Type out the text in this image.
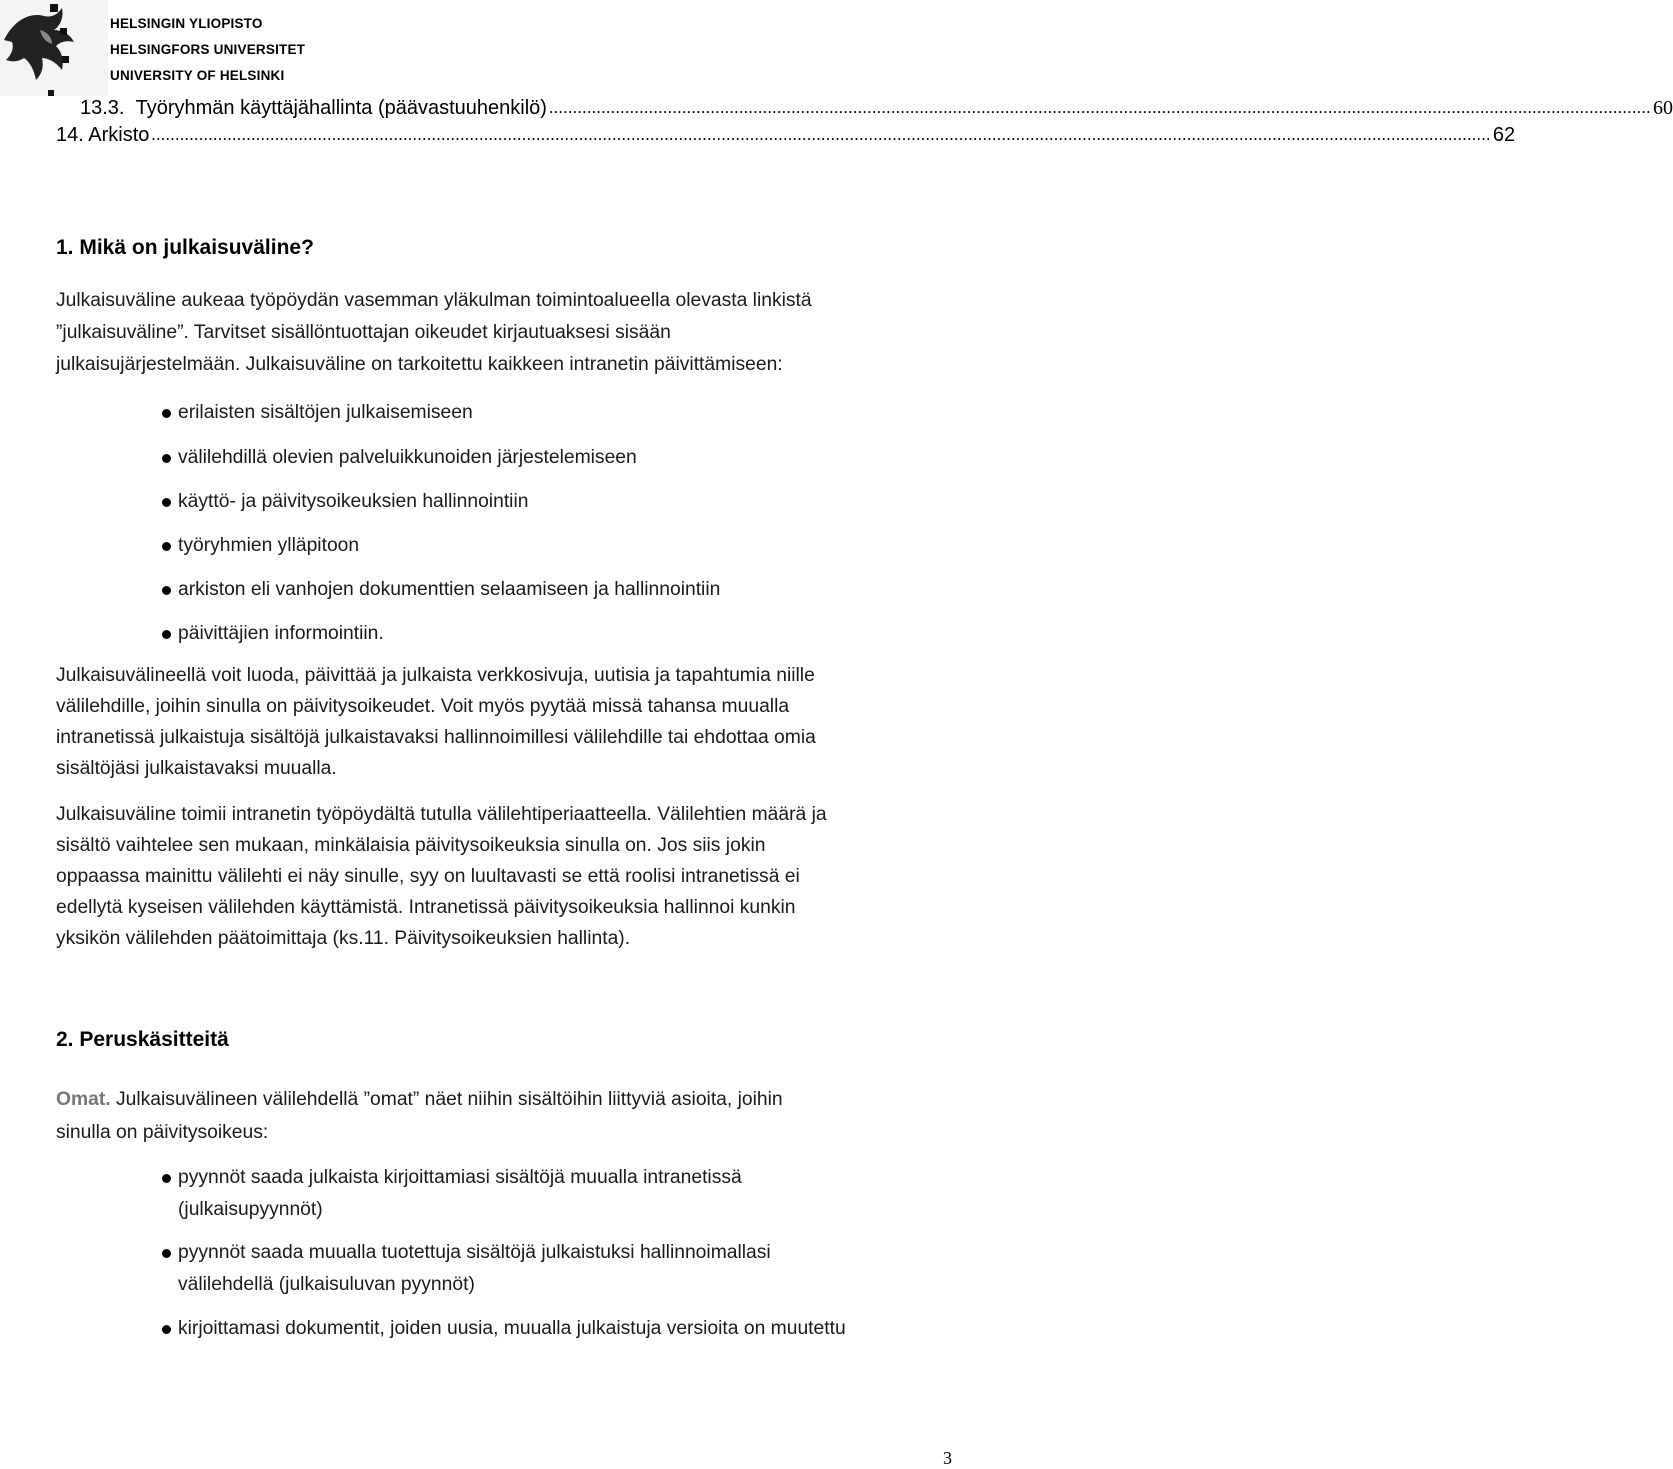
HELSINGIN YLIOPISTO
HELSINGFORS UNIVERSITET
UNIVERSITY OF HELSINKI
13.3.  Työryhmän käyttäjähallinta (päävastuuhenkilö) ........................................................................................................................................................................................................................................ 60
14. Arkisto .......................................................................................................................................................................................................................................................................................... 62
1. Mikä on julkaisuväline?
Julkaisuväline aukeaa työpöydän vasemman yläkulman toimintoalueella olevasta linkistä
”julkaisuväline”. Tarvitset sisällöntuottajan oikeudet kirjautuaksesi sisään
julkaisujärjestelmään. Julkaisuväline on tarkoitettu kaikkeen intranetin päivittämiseen:
erilaisten sisältöjen julkaisemiseen
välilehdillä olevien palveluikkunoiden järjestelemiseen
käyttö- ja päivitysoikeuksien hallinnointiin
työryhmien ylläpitoon
arkiston eli vanhojen dokumenttien selaamiseen ja hallinnointiin
päivittäjien informointiin.
Julkaisuvälineellä voit luoda, päivittää ja julkaista verkkosivuja, uutisia ja tapahtumia niille
välilehdille, joihin sinulla on päivitysoikeudet. Voit myös pyytää missä tahansa muualla
intranetissä julkaistuja sisältöjä julkaistavaksi hallinnoimillesi välilehdille tai ehdottaa omia
sisältöjäsi julkaistavaksi muualla.
Julkaisuväline toimii intranetin työpöydältä tutulla välilehtiperiaatteella. Välilehtien määrä ja
sisältö vaihtelee sen mukaan, minkälaisia päivitysoikeuksia sinulla on. Jos siis jokin
oppaassa mainittu välilehti ei näy sinulle, syy on luultavasti se että roolisi intranetissä ei
edellytä kyseisen välilehden käyttämistä. Intranetissä päivitysoikeuksia hallinnoi kunkin
yksikön välilehden päätoimittaja (ks.11. Päivitysoikeuksien hallinta).
2. Peruskäsitteitä
Omat. Julkaisuvälineen välilehdellä ”omat” näet niihin sisältöihin liittyviä asioita, joihin
sinulla on päivitysoikeus:
pyynnöt saada julkaista kirjoittamiasi sisältöjä muualla intranetissä
(julkaisupyynnöt)
pyynnöt saada muualla tuotettuja sisältöjä julkaistuksi hallinnoimallasi
välilehdellä (julkaisuluvan pyynnöt)
kirjoittamasi dokumentit, joiden uusia, muualla julkaistuja versioita on muutettu
3
